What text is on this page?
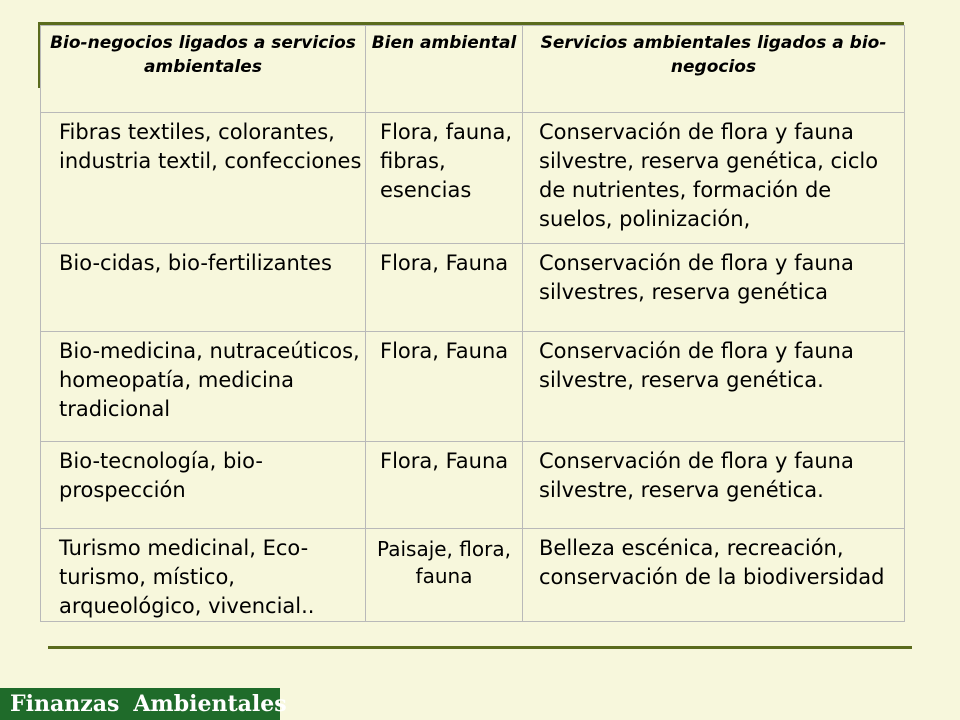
Bio-negocios ligados a servicios ambientales	Bien ambiental	Servicios ambientales ligados a bio-negocios
Fibras textiles, colorantes, industria textil, confecciones	Flora, fauna, fibras, esencias	Conservación de flora y fauna silvestre, reserva genética, ciclo de nutrientes, formación de suelos, polinización,
Bio-cidas, bio-fertilizantes	Flora, Fauna	Conservación de flora y fauna silvestres, reserva genética
Bio-medicina, nutraceúticos, homeopatía, medicina tradicional	Flora, Fauna	Conservación de flora y fauna silvestre, reserva genética.
Bio-tecnología, bio-prospección	Flora, Fauna	Conservación de flora y fauna silvestre, reserva genética.
Turismo medicinal, Eco-turismo, místico, arqueológico, vivencial..	Paisaje, flora, fauna	Belleza escénica, recreación, conservación de la biodiversidad
Finanzas Ambientales
